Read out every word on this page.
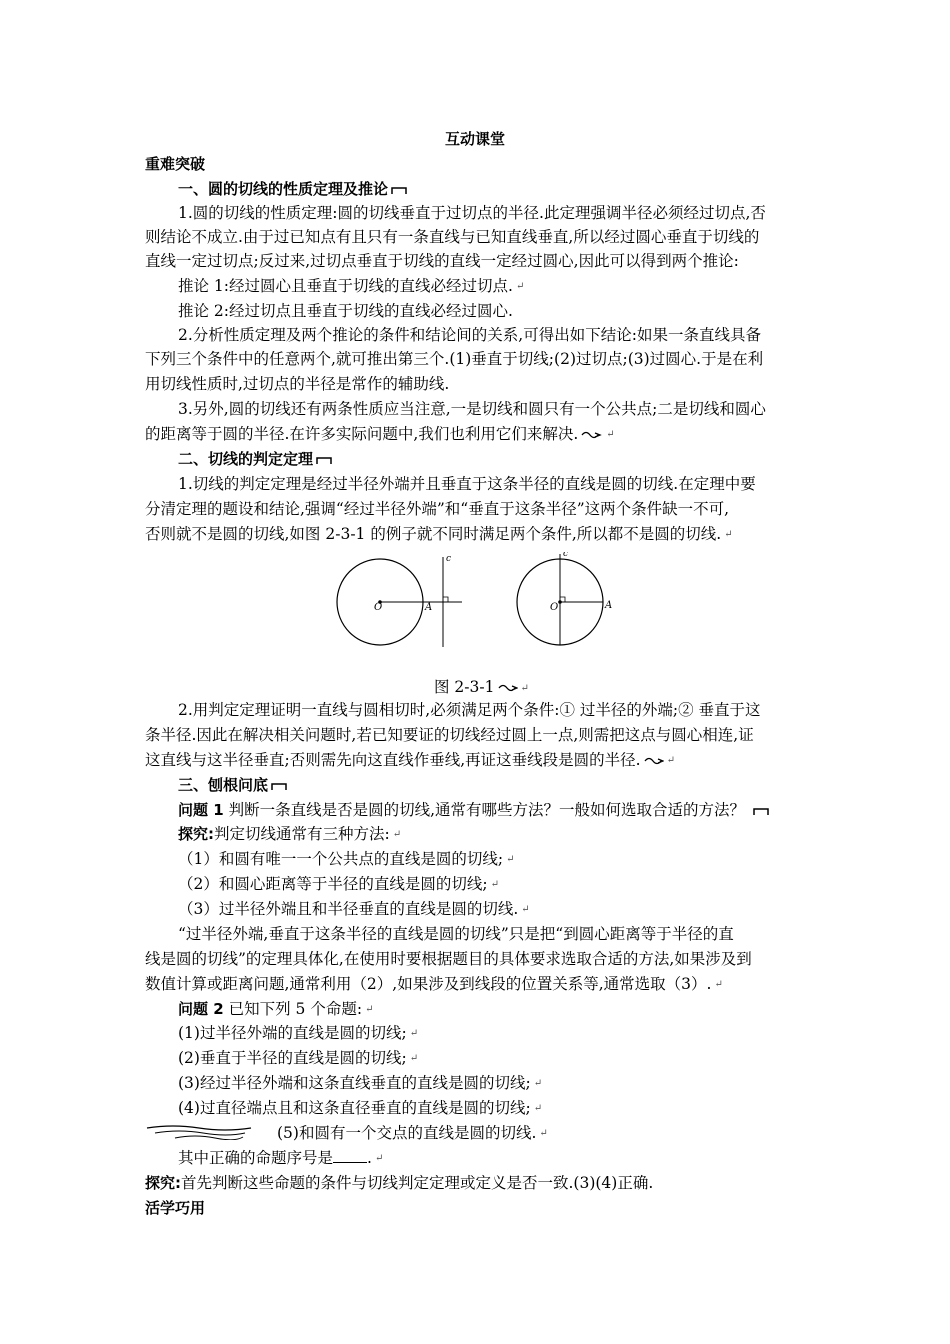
互动课堂
重难突破
一、圆的切线的性质定理及推论
1.圆的切线的性质定理:圆的切线垂直于过切点的半径.此定理强调半径必须经过切点,否
则结论不成立.由于过已知点有且只有一条直线与已知直线垂直,所以经过圆心垂直于切线的
直线一定过切点;反过来,过切点垂直于切线的直线一定经过圆心,因此可以得到两个推论:
推论 1:经过圆心且垂直于切线的直线必经过切点. ↵
推论 2:经过切点且垂直于切线的直线必经过圆心.
2.分析性质定理及两个推论的条件和结论间的关系,可得出如下结论:如果一条直线具备
下列三个条件中的任意两个,就可推出第三个.(1)垂直于切线;(2)过切点;(3)过圆心.于是在利
用切线性质时,过切点的半径是常作的辅助线.
3.另外,圆的切线还有两条性质应当注意,一是切线和圆只有一个公共点;二是切线和圆心
的距离等于圆的半径.在许多实际问题中,我们也利用它们来解决.	↵
二、切线的判定定理
1.切线的判定定理是经过半径外端并且垂直于这条半径的直线是圆的切线.在定理中要
分清定理的题设和结论,强调“经过半径外端”和“垂直于这条半径”这两个条件缺一不可,
否则就不是圆的切线,如图 2-3-1 的例子就不同时满足两个条件,所以都不是圆的切线. ↵
O	A
c
O	A
c
图 2-3-1	↵
2.用判定定理证明一直线与圆相切时,必须满足两个条件:① 过半径的外端;② 垂直于这
条半径.因此在解决相关问题时,若已知要证的切线经过圆上一点,则需把这点与圆心相连,证
这直线与这半径垂直;否则需先向这直线作垂线,再证这垂线段是圆的半径.	↵
三、刨根问底
问题 1 判断一条直线是否是圆的切线,通常有哪些方法？一般如何选取合适的方法？
探究:判定切线通常有三种方法: ↵
（1）和圆有唯一一个公共点的直线是圆的切线; ↵
（2）和圆心距离等于半径的直线是圆的切线; ↵
（3）过半径外端且和半径垂直的直线是圆的切线. ↵
“过半径外端,垂直于这条半径的直线是圆的切线”只是把“到圆心距离等于半径的直
线是圆的切线”的定理具体化,在使用时要根据题目的具体要求选取合适的方法,如果涉及到
数值计算或距离问题,通常利用（2）,如果涉及到线段的位置关系等,通常选取（3）. ↵
问题 2 已知下列 5 个命题: ↵
(1)过半径外端的直线是圆的切线; ↵
(2)垂直于半径的直线是圆的切线; ↵
(3)经过半径外端和这条直线垂直的直线是圆的切线; ↵
(4)过直径端点且和这条直径垂直的直线是圆的切线; ↵
(5)和圆有一个交点的直线是圆的切线. ↵
其中正确的命题序号是 . ↵
探究:首先判断这些命题的条件与切线判定定理或定义是否一致.(3)(4)正确.
活学巧用
